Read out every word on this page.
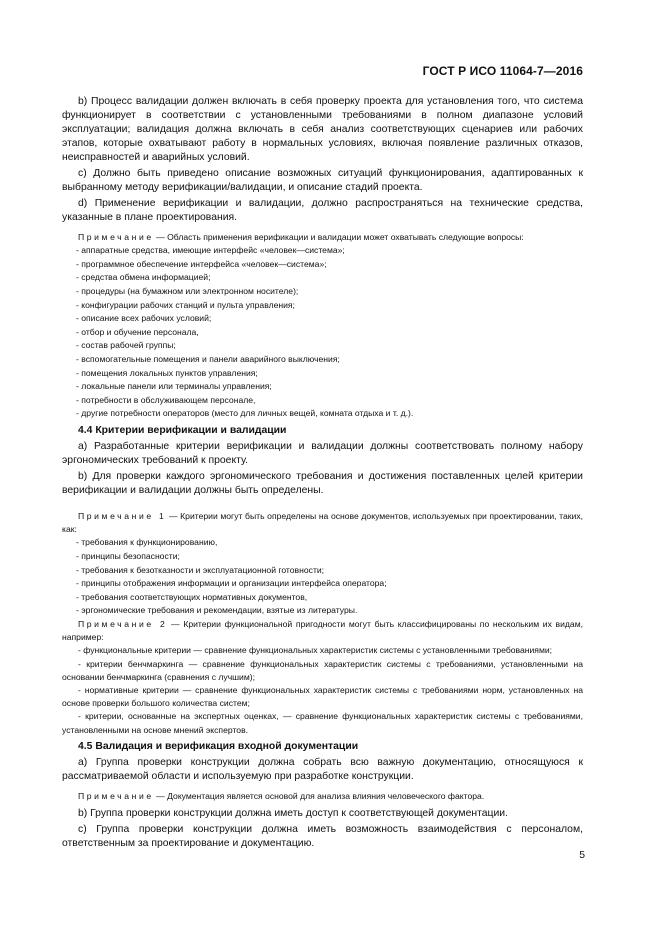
ГОСТ Р ИСО 11064-7—2016

b) Процесс валидации должен включать в себя проверку проекта для установления того, что система функционирует в соответствии с установленными требованиями в полном диапазоне условий эксплуатации; валидация должна включать в себя анализ соответствующих сценариев или рабочих этапов, которые охватывают работу в нормальных условиях, включая появление различных отказов, неисправностей и аварийных условий.

c) Должно быть приведено описание возможных ситуаций функционирования, адаптированных к выбранному методу верификации/валидации, и описание стадий проекта.

d) Применение верификации и валидации, должно распространяться на технические средства, указанные в плане проектирования.

Примечание — Область применения верификации и валидации может охватывать следующие вопросы:

- аппаратные средства, имеющие интерфейс «человек—система»;

- программное обеспечение интерфейса «человек—система»;

- средства обмена информацией;

- процедуры (на бумажном или электронном носителе);

- конфигурации рабочих станций и пульта управления;

- описание всех рабочих условий;

- отбор и обучение персонала,

- состав рабочей группы;

- вспомогательные помещения и панели аварийного выключения;

- помещения локальных пунктов управления;

- локальные панели или терминалы управления;

- потребности в обслуживающем персонале,

- другие потребности операторов (место для личных вещей, комната отдыха и т. д.).

4.4 Критерии верификации и валидации

a) Разработанные критерии верификации и валидации должны соответствовать полному набору эргономических требований к проекту.

b) Для проверки каждого эргономического требования и достижения поставленных целей критерии верификации и валидации должны быть определены.

Примечание 1 — Критерии могут быть определены на основе документов, используемых при проектировании, таких, как:

- требования к функционированию,

- принципы безопасности;

- требования к безотказности и эксплуатационной готовности;

- принципы отображения информации и организации интерфейса оператора;

- требования соответствующих нормативных документов,

- эргономические требования и рекомендации, взятые из литературы.

Примечание 2 — Критерии функциональной пригодности могут быть классифицированы по нескольким их видам, например:

- функциональные критерии — сравнение функциональных характеристик системы с установленными требованиями;

- критерии бенчмаркинга — сравнение функциональных характеристик системы с требованиями, установленными на основании бенчмаркинга (сравнения с лучшим);

- нормативные критерии — сравнение функциональных характеристик системы с требованиями норм, установленных на основе проверки большого количества систем;

- критерии, основанные на экспертных оценках, — сравнение функциональных характеристик системы с требованиями, установленными на основе мнений экспертов.

4.5 Валидация и верификация входной документации

a) Группа проверки конструкции должна собрать всю важную документацию, относящуюся к рассматриваемой области и используемую при разработке конструкции.

Примечание — Документация является основой для анализа влияния человеческого фактора.

b) Группа проверки конструкции должна иметь доступ к соответствующей документации.

c) Группа проверки конструкции должна иметь возможность взаимодействия с персоналом, ответственным за проектирование и документацию.

5
